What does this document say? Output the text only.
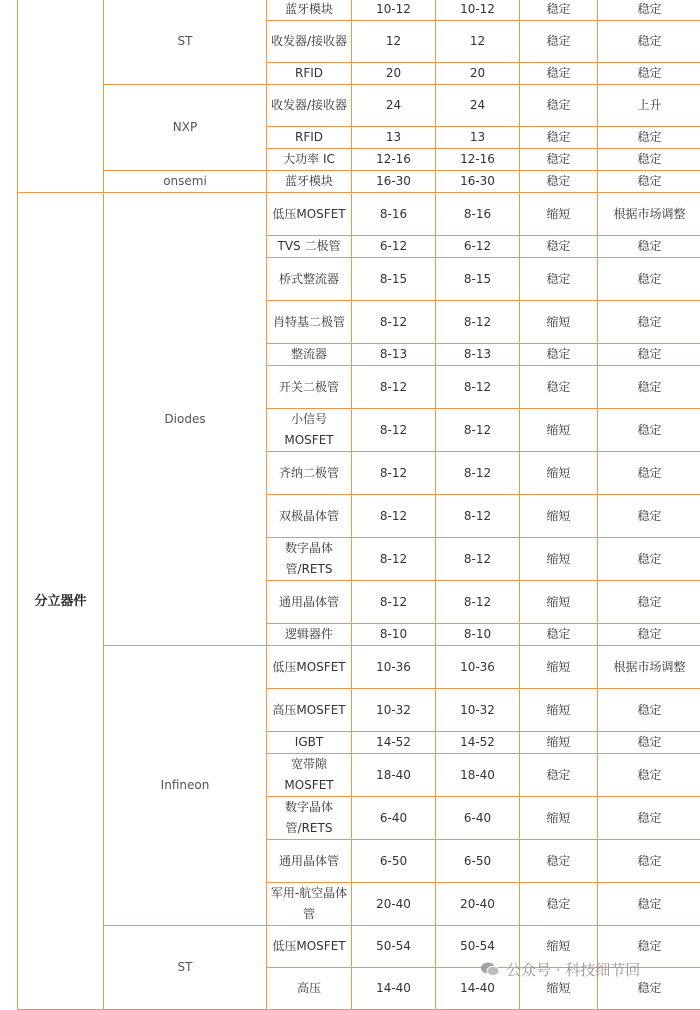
	ST	蓝牙模块	10-12	10-12	稳定	稳定
		收发器/接收器	12	12	稳定	稳定
		RFID	20	20	稳定	稳定
	NXP	收发器/接收器	24	24	稳定	上升
		RFID	13	13	稳定	稳定
		大功率 IC	12-16	12-16	稳定	稳定
	onsemi	蓝牙模块	16-30	16-30	稳定	稳定
分立器件	Diodes	低压MOSFET	8-16	8-16	缩短	根据市场调整
		TVS 二极管	6-12	6-12	稳定	稳定
		桥式整流器	8-15	8-15	稳定	稳定
		肖特基二极管	8-12	8-12	缩短	稳定
		整流器	8-13	8-13	稳定	稳定
		开关二极管	8-12	8-12	稳定	稳定
		小信号MOSFET	8-12	8-12	缩短	稳定
		齐纳二极管	8-12	8-12	缩短	稳定
		双极晶体管	8-12	8-12	缩短	稳定
		数字晶体管/RETS	8-12	8-12	缩短	稳定
		通用晶体管	8-12	8-12	缩短	稳定
		逻辑器件	8-10	8-10	稳定	稳定
	Infineon	低压MOSFET	10-36	10-36	缩短	根据市场调整
		高压MOSFET	10-32	10-32	缩短	稳定
		IGBT	14-52	14-52	缩短	稳定
		宽带隙MOSFET	18-40	18-40	稳定	稳定
		数字晶体管/RETS	6-40	6-40	缩短	稳定
		通用晶体管	6-50	6-50	稳定	稳定
		军用-航空晶体管	20-40	20-40	稳定	稳定
	ST	低压MOSFET	50-54	50-54	缩短	稳定
		高压	14-40	14-40	缩短	稳定
公众号 · 科技细节回
